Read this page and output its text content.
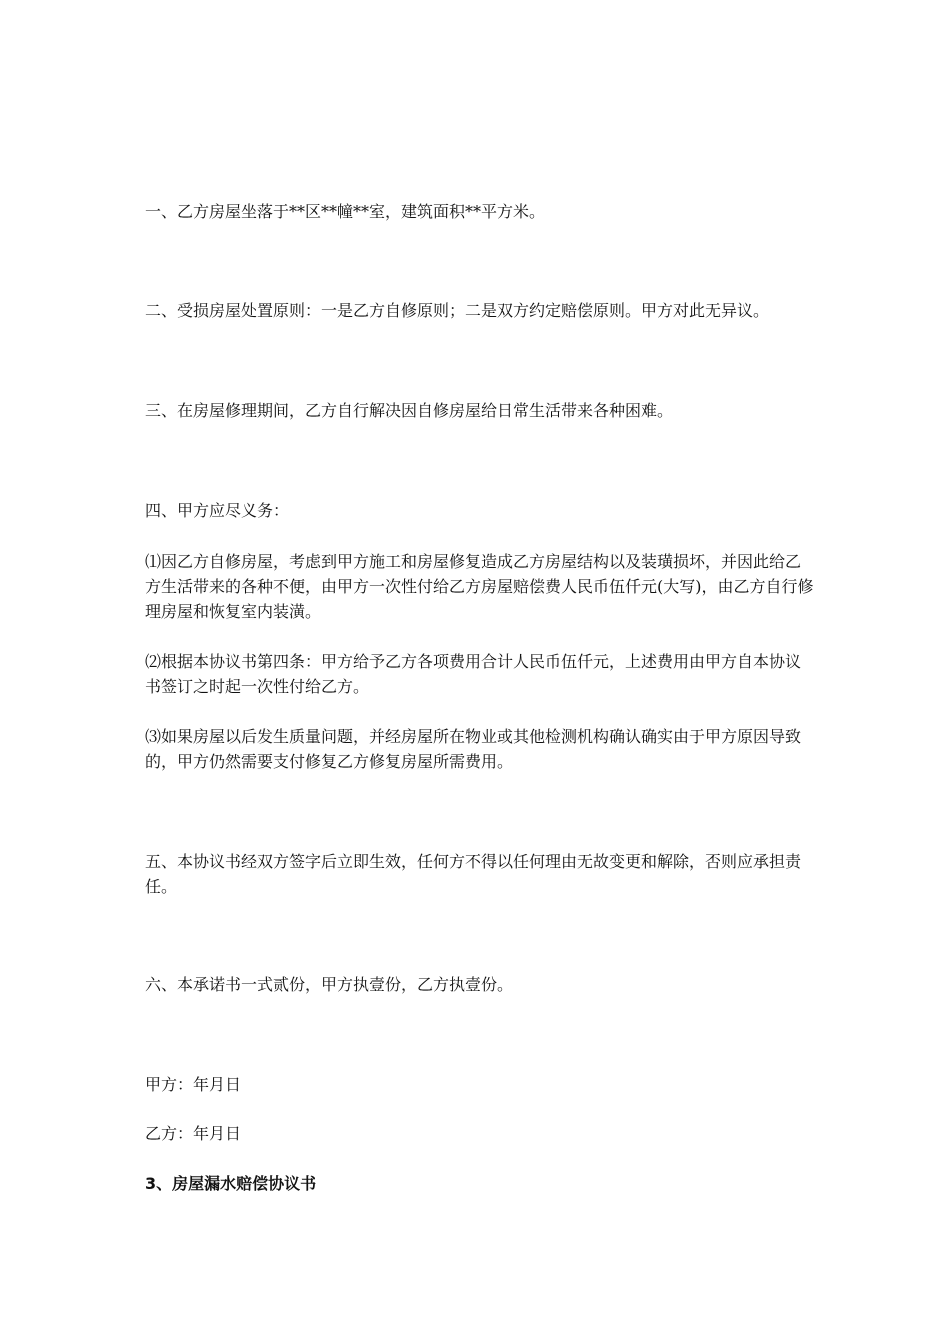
一、乙方房屋坐落于**区**幢**室，建筑面积**平方米。

二、受损房屋处置原则：一是乙方自修原则；二是双方约定赔偿原则。甲方对此无异议。

三、在房屋修理期间，乙方自行解决因自修房屋给日常生活带来各种困难。

四、甲方应尽义务：

⑴因乙方自修房屋，考虑到甲方施工和房屋修复造成乙方房屋结构以及装璜损坏，并因此给乙方生活带来的各种不便，由甲方一次性付给乙方房屋赔偿费人民币伍仟元(大写)，由乙方自行修理房屋和恢复室内装潢。

⑵根据本协议书第四条：甲方给予乙方各项费用合计人民币伍仟元，上述费用由甲方自本协议书签订之时起一次性付给乙方。

⑶如果房屋以后发生质量问题，并经房屋所在物业或其他检测机构确认确实由于甲方原因导致的，甲方仍然需要支付修复乙方修复房屋所需费用。

五、本协议书经双方签字后立即生效，任何方不得以任何理由无故变更和解除，否则应承担责任。

六、本承诺书一式贰份，甲方执壹份，乙方执壹份。

甲方：年月日

乙方：年月日

3、房屋漏水赔偿协议书
